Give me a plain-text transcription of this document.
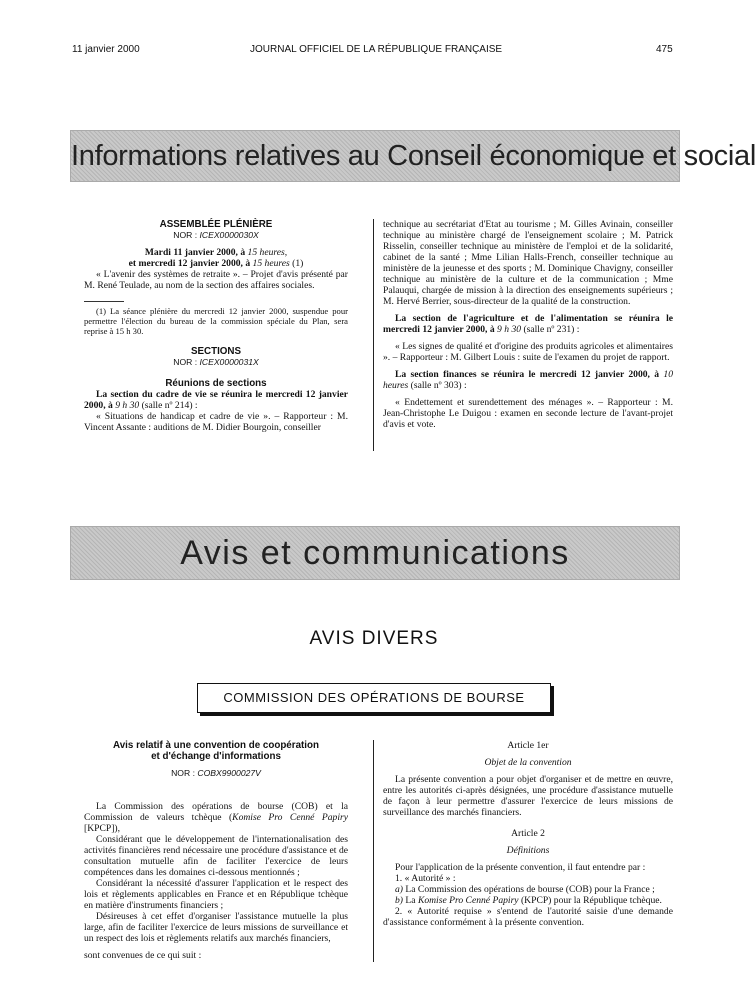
11 janvier 2000	JOURNAL OFFICIEL DE LA RÉPUBLIQUE FRANÇAISE	475
Informations relatives au Conseil économique et social

ASSEMBLÉE PLÉNIÈRE

NOR : ICEX0000030X

Mardi 11 janvier 2000, à 15 heures,

et mercredi 12 janvier 2000, à 15 heures (1)

« L'avenir des systèmes de retraite ». – Projet d'avis présenté par M. René Teulade, au nom de la section des affaires sociales.

(1) La séance plénière du mercredi 12 janvier 2000, suspendue pour permettre l'élection du bureau de la commission spéciale du Plan, sera reprise à 15 h 30.

SECTIONS

NOR : ICEX0000031X

Réunions de sections

La section du cadre de vie se réunira le mercredi 12 janvier 2000, à 9 h 30 (salle nº 214) :

« Situations de handicap et cadre de vie ». – Rapporteur : M. Vincent Assante : auditions de M. Didier Bourgoin, conseiller

technique au secrétariat d'Etat au tourisme ; M. Gilles Avinain, conseiller technique au ministère chargé de l'enseignement scolaire ; M. Patrick Risselin, conseiller technique au ministère de l'emploi et de la solidarité, cabinet de la santé ; Mme Lilian Halls-French, conseiller technique au ministère de la jeunesse et des sports ; M. Dominique Chavigny, conseiller technique au ministère de la culture et de la communication ; Mme Palauqui, chargée de mission à la direction des enseignements supérieurs ; M. Hervé Berrier, sous-directeur de la qualité de la construction.

La section de l'agriculture et de l'alimentation se réunira le mercredi 12 janvier 2000, à 9 h 30 (salle nº 231) :

« Les signes de qualité et d'origine des produits agricoles et alimentaires ». – Rapporteur : M. Gilbert Louis : suite de l'examen du projet de rapport.

La section finances se réunira le mercredi 12 janvier 2000, à 10 heures (salle nº 303) :

« Endettement et surendettement des ménages ». – Rapporteur : M. Jean-Christophe Le Duigou : examen en seconde lecture de l'avant-projet d'avis et vote.

Avis et communications
AVIS DIVERS
COMMISSION DES OPÉRATIONS DE BOURSE

Avis relatif à une convention de coopération

et d'échange d'informations

NOR : COBX9900027V

La Commission des opérations de bourse (COB) et la Commission de valeurs tchèque (Komise Pro Cenné Papiry [KPCP]),

Considérant que le développement de l'internationalisation des activités financières rend nécessaire une procédure d'assistance et de consultation mutuelle afin de faciliter l'exercice de leurs compétences dans les domaines ci-dessous mentionnés ;

Considérant la nécessité d'assurer l'application et le respect des lois et règlements applicables en France et en République tchèque en matière d'instruments financiers ;

Désireuses à cet effet d'organiser l'assistance mutuelle la plus large, afin de faciliter l'exercice de leurs missions de surveillance et un respect des lois et règlements relatifs aux marchés financiers,

sont convenues de ce qui suit :

Article 1er

Objet de la convention

La présente convention a pour objet d'organiser et de mettre en œuvre, entre les autorités ci-après désignées, une procédure d'assistance mutuelle de façon à leur permettre d'assurer l'exercice de leurs missions de surveillance des marchés financiers.

Article 2

Définitions

Pour l'application de la présente convention, il faut entendre par :

1. « Autorité » :

a) La Commission des opérations de bourse (COB) pour la France ;

b) La Komise Pro Cenné Papiry (KPCP) pour la République tchèque.

2. « Autorité requise » s'entend de l'autorité saisie d'une demande d'assistance conformément à la présente convention.
